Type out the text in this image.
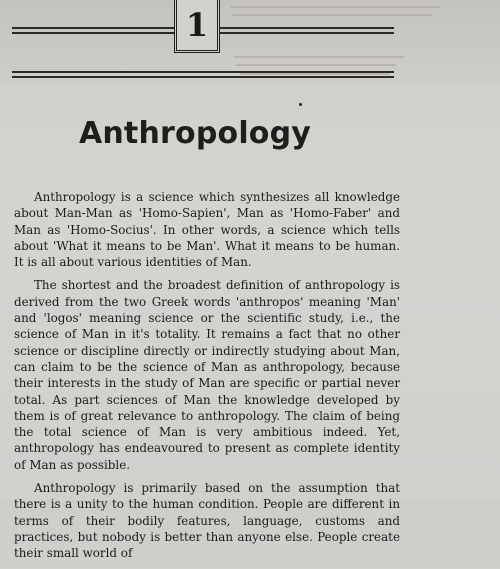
1
Anthropology

Anthropology is a science which synthesizes all knowledge about Man-Man as 'Homo-Sapien', Man as 'Homo-Faber' and Man as 'Homo-Socius'. In other words, a science which tells about 'What it means to be Man'. What it means to be human. It is all about various identities of Man.

The shortest and the broadest definition of anthropology is derived from the two Greek words 'anthropos' meaning 'Man' and 'logos' meaning science or the scientific study, i.e., the science of Man in it's totality. It remains a fact that no other science or discipline directly or indirectly studying about Man, can claim to be the science of Man as anthropology, because their interests in the study of Man are specific or partial never total. As part sciences of Man the knowledge developed by them is of great relevance to anthropology. The claim of being the total science of Man is very ambitious indeed. Yet, anthropology has endeavoured to present as complete identity of Man as possible.

Anthropology is primarily based on the assumption that there is a unity to the human condition. People are different in terms of their bodily features, language, customs and practices, but nobody is better than anyone else. People create their small world of
